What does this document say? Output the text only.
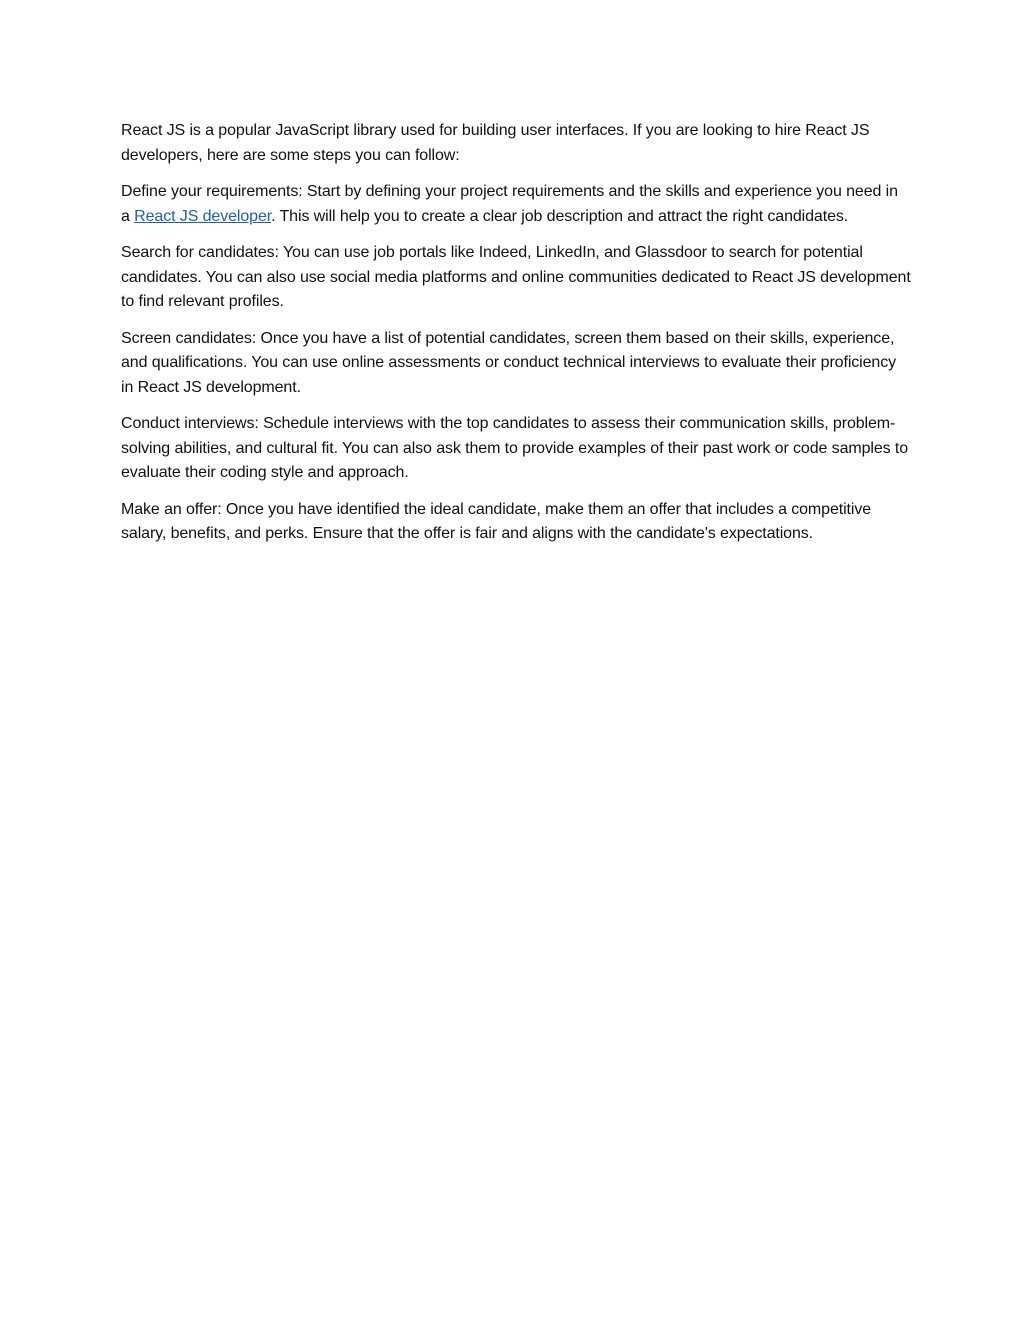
React JS is a popular JavaScript library used for building user interfaces. If you are looking to hire React JS developers, here are some steps you can follow:

Define your requirements: Start by defining your project requirements and the skills and experience you need in a React JS developer. This will help you to create a clear job description and attract the right candidates.

Search for candidates: You can use job portals like Indeed, LinkedIn, and Glassdoor to search for potential candidates. You can also use social media platforms and online communities dedicated to React JS development to find relevant profiles.

Screen candidates: Once you have a list of potential candidates, screen them based on their skills, experience, and qualifications. You can use online assessments or conduct technical interviews to evaluate their proficiency in React JS development.

Conduct interviews: Schedule interviews with the top candidates to assess their communication skills, problem-solving abilities, and cultural fit. You can also ask them to provide examples of their past work or code samples to evaluate their coding style and approach.

Make an offer: Once you have identified the ideal candidate, make them an offer that includes a competitive salary, benefits, and perks. Ensure that the offer is fair and aligns with the candidate's expectations.
